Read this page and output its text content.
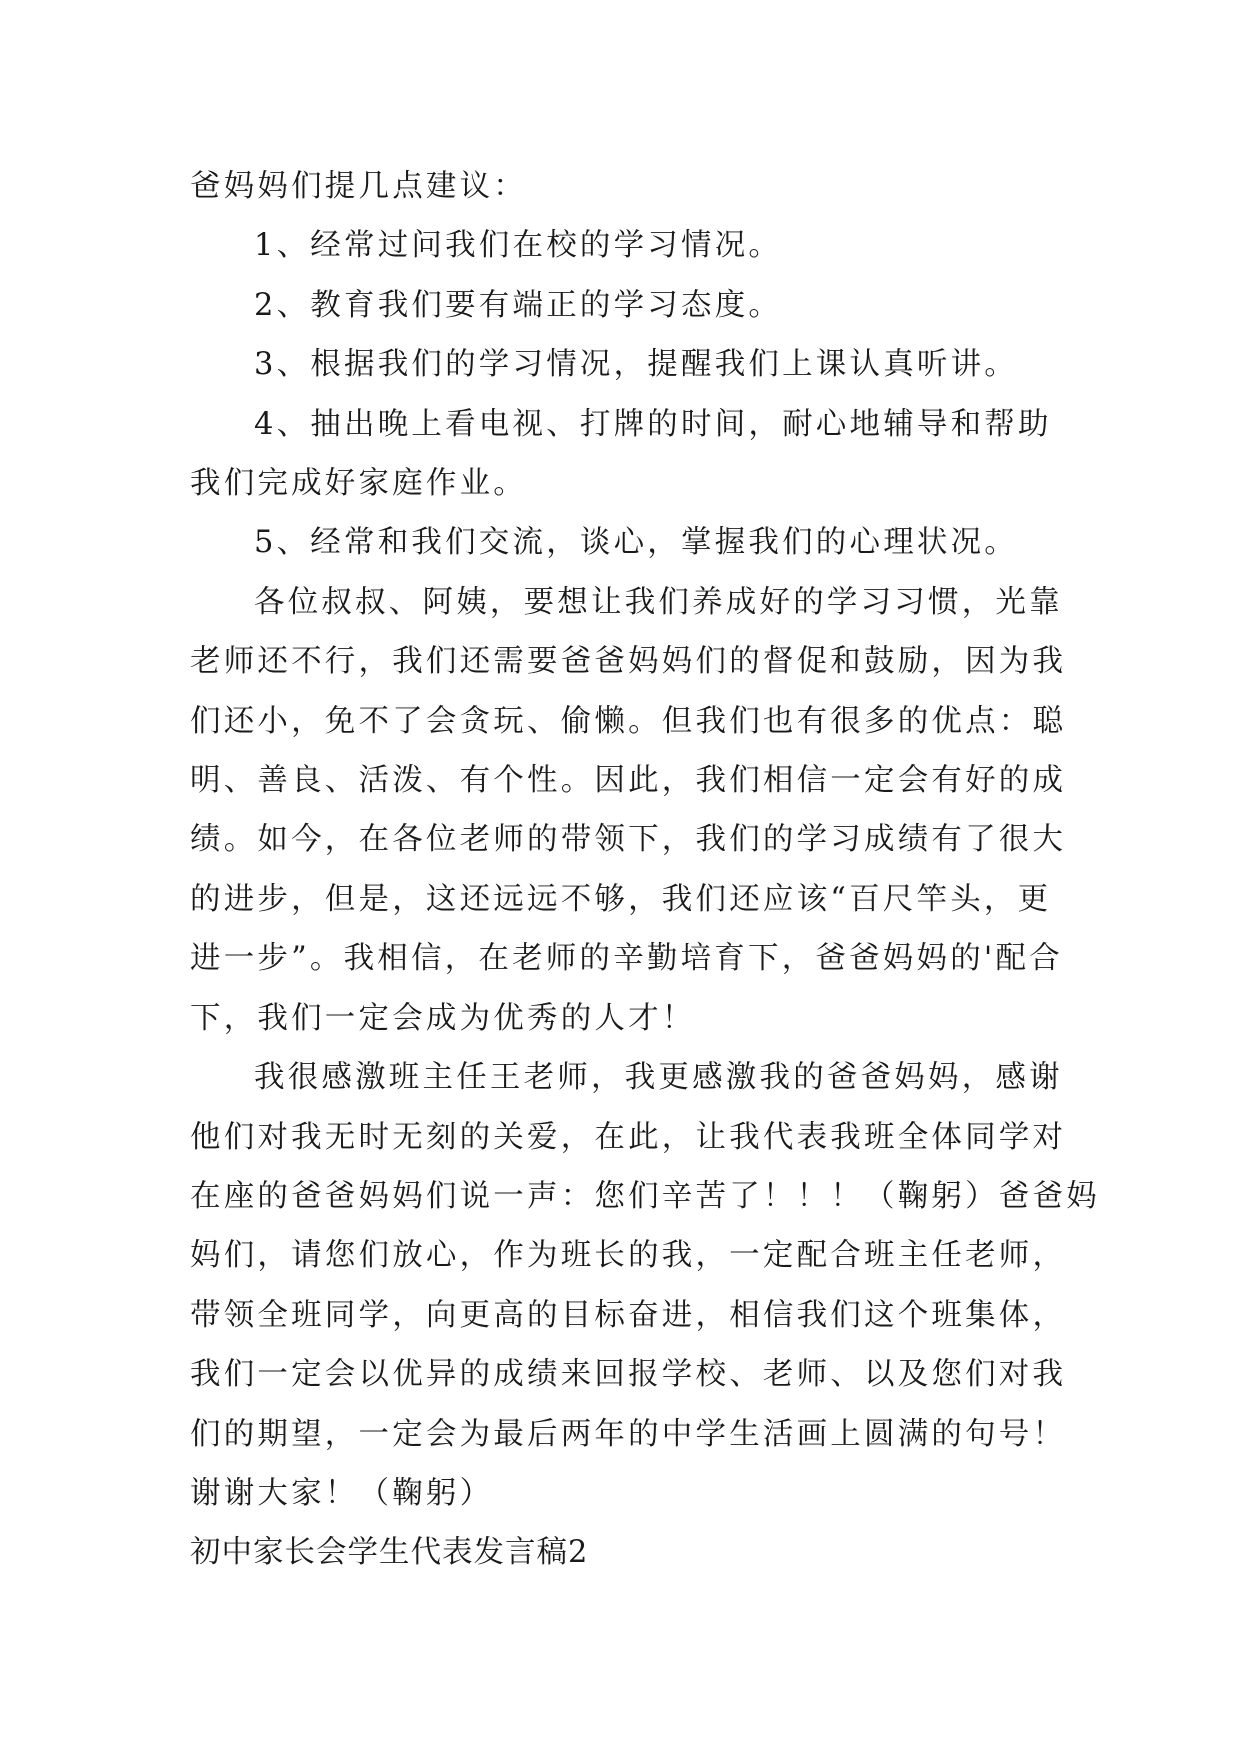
爸妈妈们提几点建议：

1、经常过问我们在校的学习情况。

2、教育我们要有端正的学习态度。

3、根据我们的学习情况，提醒我们上课认真听讲。

4、抽出晚上看电视、打牌的时间，耐心地辅导和帮助

我们完成好家庭作业。

5、经常和我们交流，谈心，掌握我们的心理状况。

各位叔叔、阿姨，要想让我们养成好的学习习惯，光靠

老师还不行，我们还需要爸爸妈妈们的督促和鼓励，因为我

们还小，免不了会贪玩、偷懒。但我们也有很多的优点：聪

明、善良、活泼、有个性。因此，我们相信一定会有好的成

绩。如今，在各位老师的带领下，我们的学习成绩有了很大

的进步，但是，这还远远不够，我们还应该“百尺竿头，更

进一步”。我相信，在老师的辛勤培育下，爸爸妈妈的'配合

下，我们一定会成为优秀的人才！

我很感激班主任王老师，我更感激我的爸爸妈妈，感谢

他们对我无时无刻的关爱，在此，让我代表我班全体同学对

在座的爸爸妈妈们说一声：您们辛苦了！！！（鞠躬）爸爸妈

妈们，请您们放心，作为班长的我，一定配合班主任老师，

带领全班同学，向更高的目标奋进，相信我们这个班集体，

我们一定会以优异的成绩来回报学校、老师、以及您们对我

们的期望，一定会为最后两年的中学生活画上圆满的句号！

谢谢大家！（鞠躬）

初中家长会学生代表发言稿2
